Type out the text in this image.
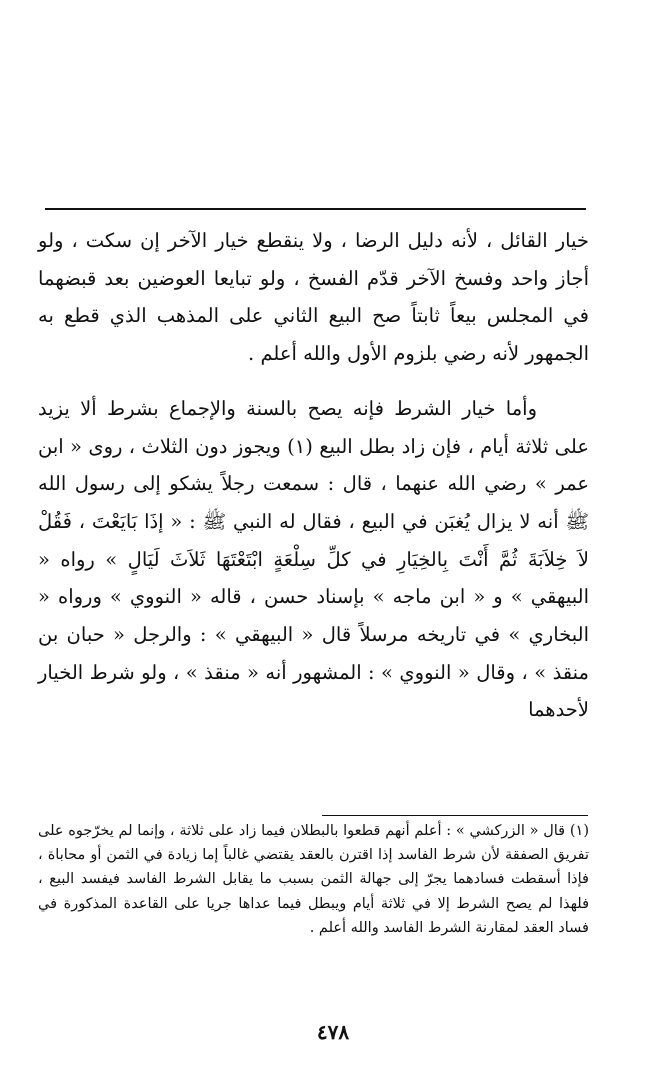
خيار القائل ، لأنه دليل الرضا ، ولا ينقطع خيار الآخر إن سكت ، ولو أجاز واحد وفسخ الآخر قدّم الفسخ ، ولو تبايعا العوضين بعد قبضهما في المجلس بيعاً ثابتاً صح البيع الثاني على المذهب الذي قطع به الجمهور لأنه رضي بلزوم الأول والله أعلم .

وأما خيار الشرط فإنه يصح بالسنة والإجماع بشرط ألا يزيد على ثلاثة أيام ، فإن زاد بطل البيع (١) ويجوز دون الثلاث ، روى « ابن عمر » رضي الله عنهما ، قال : سمعت رجلاً يشكو إلى رسول الله ﷺ أنه لا يزال يُغبَن في البيع ، فقال له النبي ﷺ : « إذَا بَايَعْتَ ، فَقُلْ لاَ خِلاَبَةَ ثُمَّ أَنْتَ بِالخِيَارِ في كلِّ سِلْعَةٍ ابْتَعْتَهَا ثَلاَثَ لَيَالٍ » رواه « البيهقي » و « ابن ماجه » بإسناد حسن ، قاله « النووي » ورواه « البخاري » في تاريخه مرسلاً قال « البيهقي » : والرجل « حبان بن منقذ » ، وقال « النووي » : المشهور أنه « منقذ » ، ولو شرط الخيار لأحدهما

(١) قال « الزركشي » : أعلم أنهم قطعوا بالبطلان فيما زاد على ثلاثة ، وإنما لم يخرّجوه على تفريق الصفقة لأن شرط الفاسد إذا اقترن بالعقد يقتضي غالباً إما زيادة في الثمن أو محاباة ، فإذا أسقطت فسادهما يجرّ إلى جهالة الثمن بسبب ما يقابل الشرط الفاسد فيفسد البيع ، فلهذا لم يصح الشرط إلا في ثلاثة أيام ويبطل فيما عداها جريا على القاعدة المذكورة في فساد العقد لمقارنة الشرط الفاسد والله أعلم .

٤٧٨
